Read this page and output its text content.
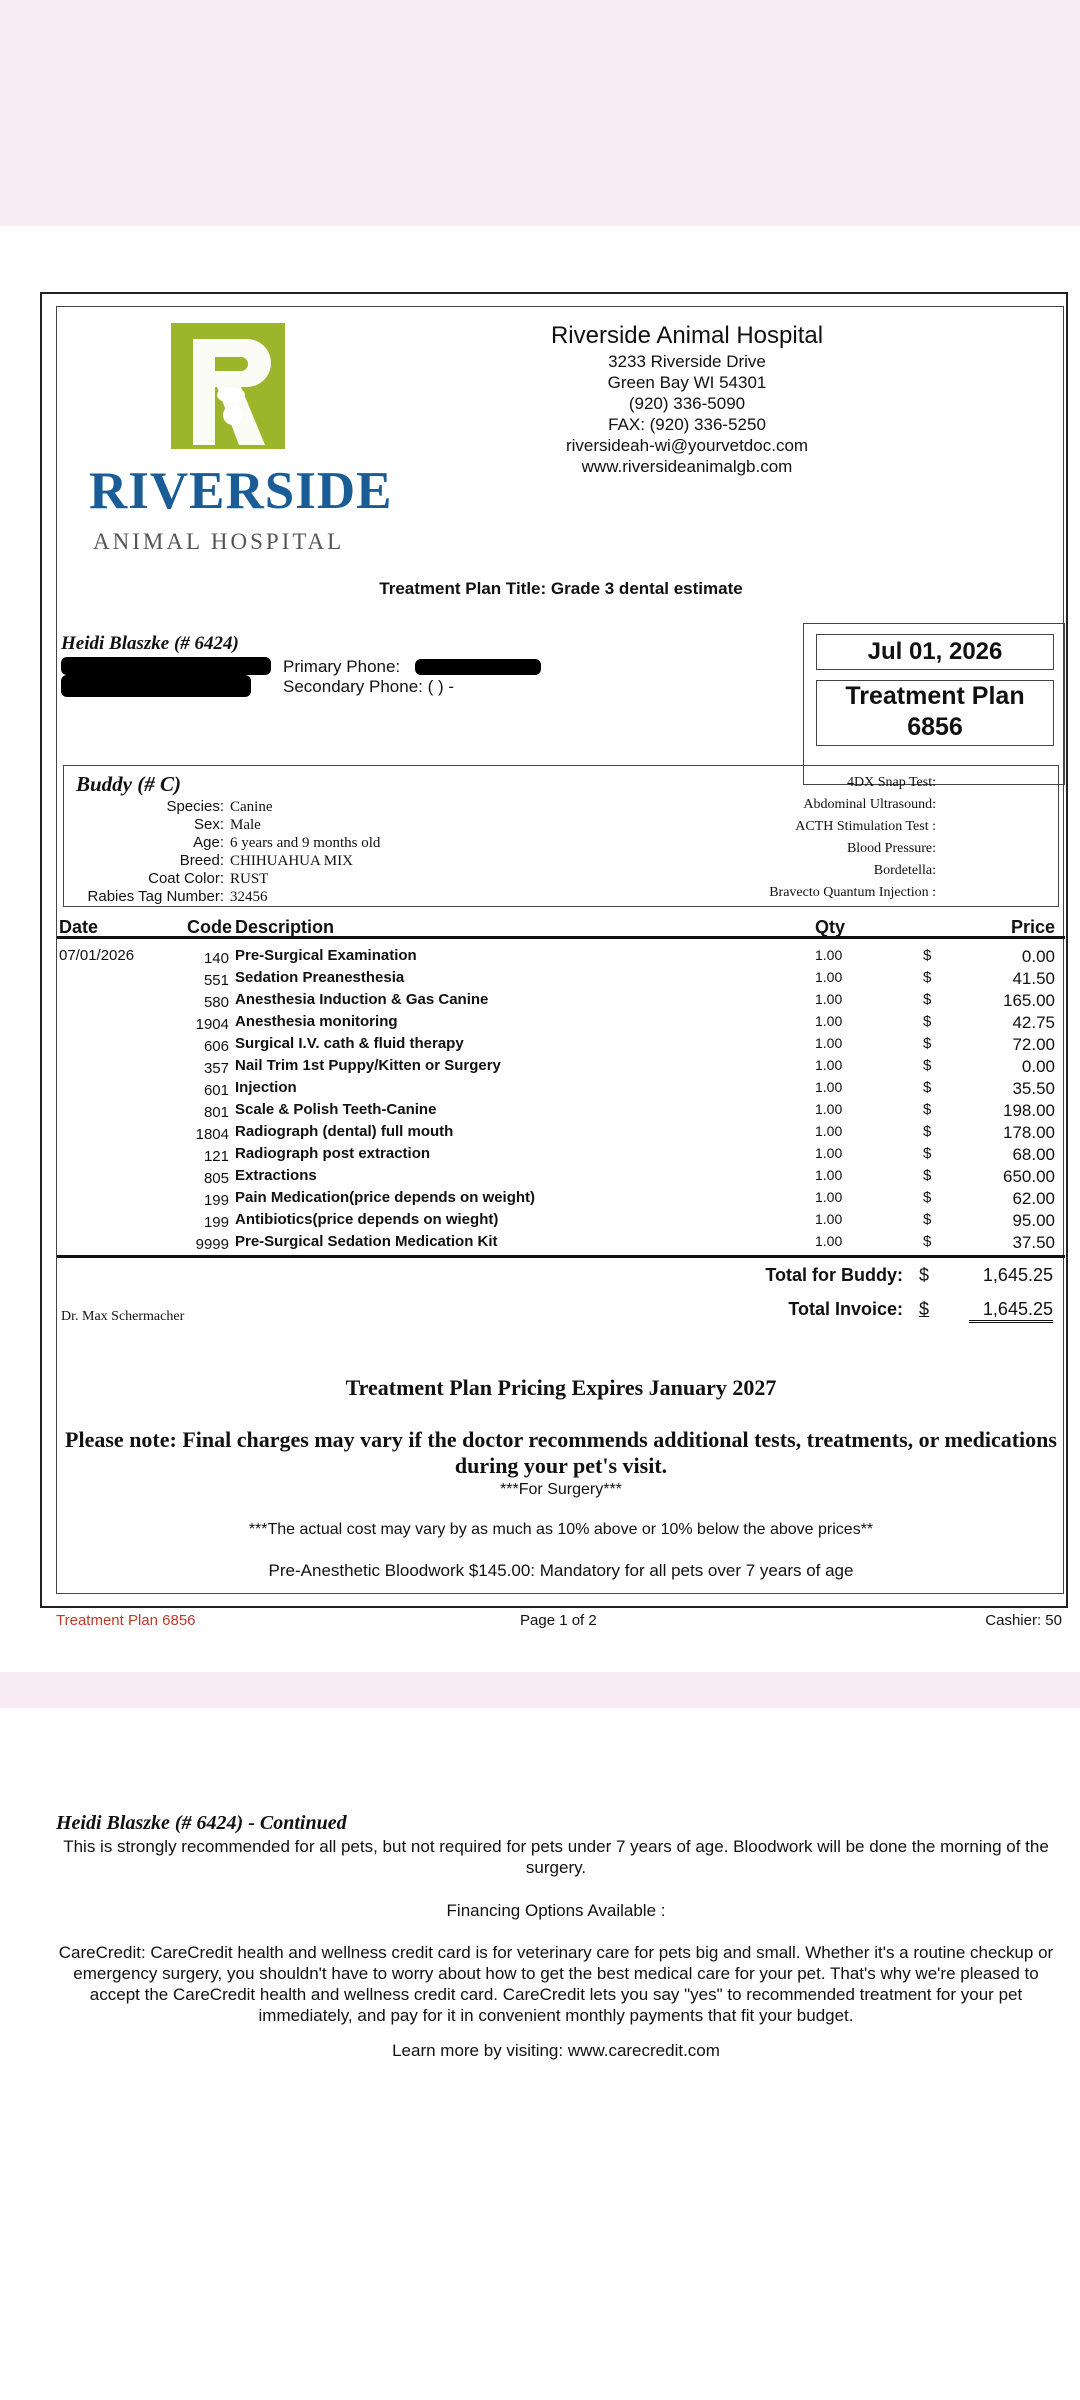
RIVERSIDE
ANIMAL HOSPITAL
Riverside Animal Hospital
3233 Riverside Drive
Green Bay WI 54301
(920) 336-5090
FAX: (920) 336-5250
riversideah-wi@yourvetdoc.com
www.riversideanimalgb.com
Treatment Plan Title: Grade 3 dental estimate
Heidi Blaszke (# 6424)
Primary Phone:
Secondary Phone: ( ) -
Jul 01, 2026
Treatment Plan
6856
Buddy (# C)
Species: Canine
Sex: Male
Age: 6 years and 9 months old
Breed: CHIHUAHUA MIX
Coat Color: RUST
Rabies Tag Number: 32456
4DX Snap Test:
Abdominal Ultrasound:
ACTH Stimulation Test :
Blood Pressure:
Bordetella:
Bravecto Quantum Injection :
Date	Code Description	Qty	Price
07/01/2026	140 Pre-Surgical Examination	1.00	$	0.00
551 Sedation Preanesthesia	1.00	$	41.50
580 Anesthesia Induction & Gas Canine	1.00	$	165.00
1904 Anesthesia monitoring	1.00	$	42.75
606 Surgical I.V. cath & fluid therapy	1.00	$	72.00
357 Nail Trim 1st Puppy/Kitten or Surgery	1.00	$	0.00
601 Injection	1.00	$	35.50
801 Scale & Polish Teeth-Canine	1.00	$	198.00
1804 Radiograph (dental) full mouth	1.00	$	178.00
121 Radiograph post extraction	1.00	$	68.00
805 Extractions	1.00	$	650.00
199 Pain Medication(price depends on weight)	1.00	$	62.00
199 Antibiotics(price depends on wieght)	1.00	$	95.00
9999 Pre-Surgical Sedation Medication Kit	1.00	$	37.50
Total for Buddy: $	1,645.25
Total Invoice: $	1,645.25
Dr. Max Schermacher
Treatment Plan Pricing Expires January 2027
Please note: Final charges may vary if the doctor recommends additional tests, treatments, or medications
during your pet's visit.
***For Surgery***
***The actual cost may vary by as much as 10% above or 10% below the above prices**
Pre-Anesthetic Bloodwork $145.00: Mandatory for all pets over 7 years of age
Treatment Plan 6856	Page 1 of 2	Cashier: 50
Heidi Blaszke (# 6424) - Continued
This is strongly recommended for all pets, but not required for pets under 7 years of age. Bloodwork will be done the morning of the surgery.
Financing Options Available :
CareCredit: CareCredit health and wellness credit card is for veterinary care for pets big and small. Whether it's a routine checkup or emergency surgery, you shouldn't have to worry about how to get the best medical care for your pet. That's why we're pleased to accept the CareCredit health and wellness credit card. CareCredit lets you say "yes" to recommended treatment for your pet immediately, and pay for it in convenient monthly payments that fit your budget.
Learn more by visiting: www.carecredit.com
